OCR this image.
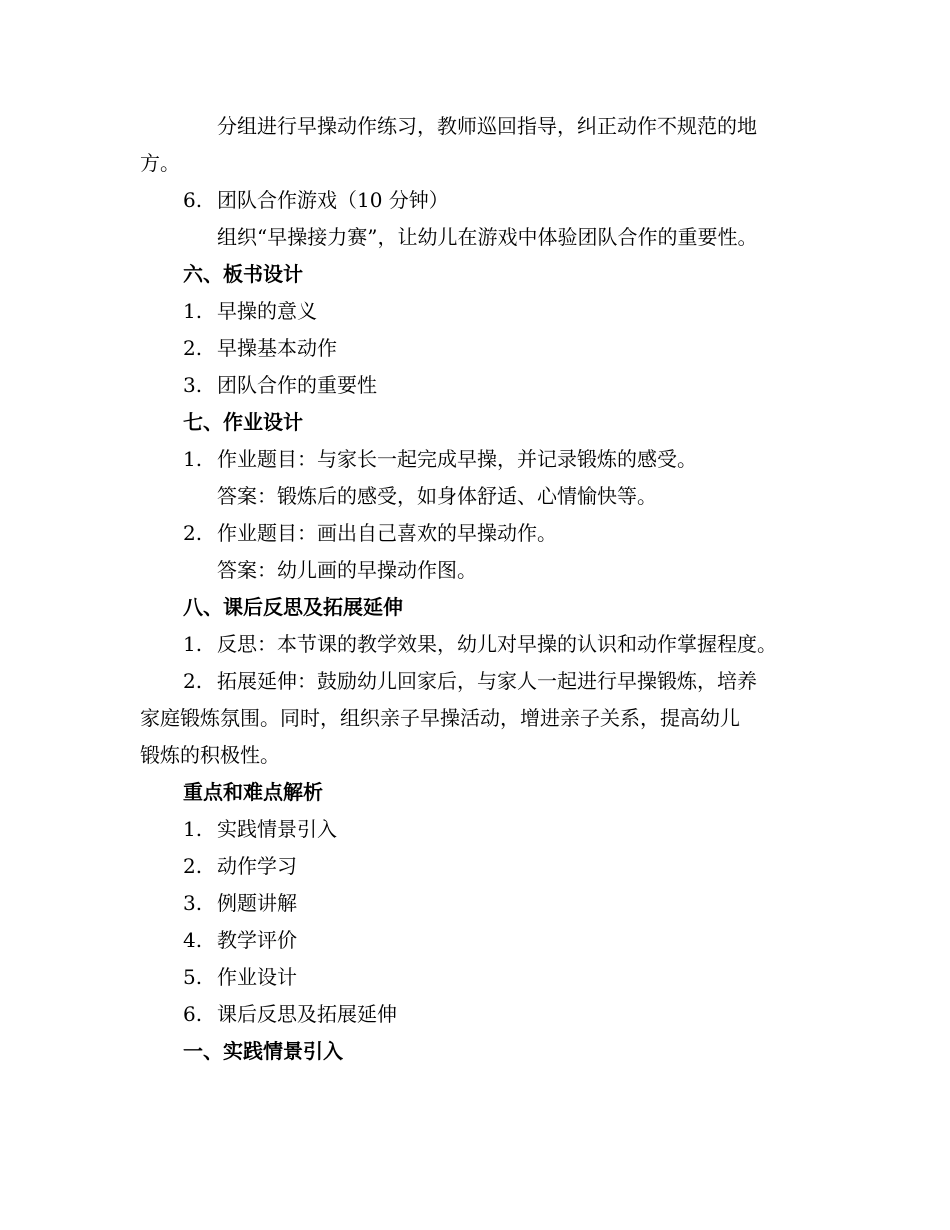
分组进行早操动作练习，教师巡回指导，纠正动作不规范的地
方。
6. 团队合作游戏（10 分钟）
组织“早操接力赛”，让幼儿在游戏中体验团队合作的重要性。
六、板书设计
1. 早操的意义
2. 早操基本动作
3. 团队合作的重要性
七、作业设计
1. 作业题目：与家长一起完成早操，并记录锻炼的感受。
答案：锻炼后的感受，如身体舒适、心情愉快等。
2. 作业题目：画出自己喜欢的早操动作。
答案：幼儿画的早操动作图。
八、课后反思及拓展延伸
1. 反思：本节课的教学效果，幼儿对早操的认识和动作掌握程度。
2. 拓展延伸：鼓励幼儿回家后，与家人一起进行早操锻炼，培养
家庭锻炼氛围。同时，组织亲子早操活动，增进亲子关系，提高幼儿
锻炼的积极性。
重点和难点解析
1. 实践情景引入
2. 动作学习
3. 例题讲解
4. 教学评价
5. 作业设计
6. 课后反思及拓展延伸
一、实践情景引入
